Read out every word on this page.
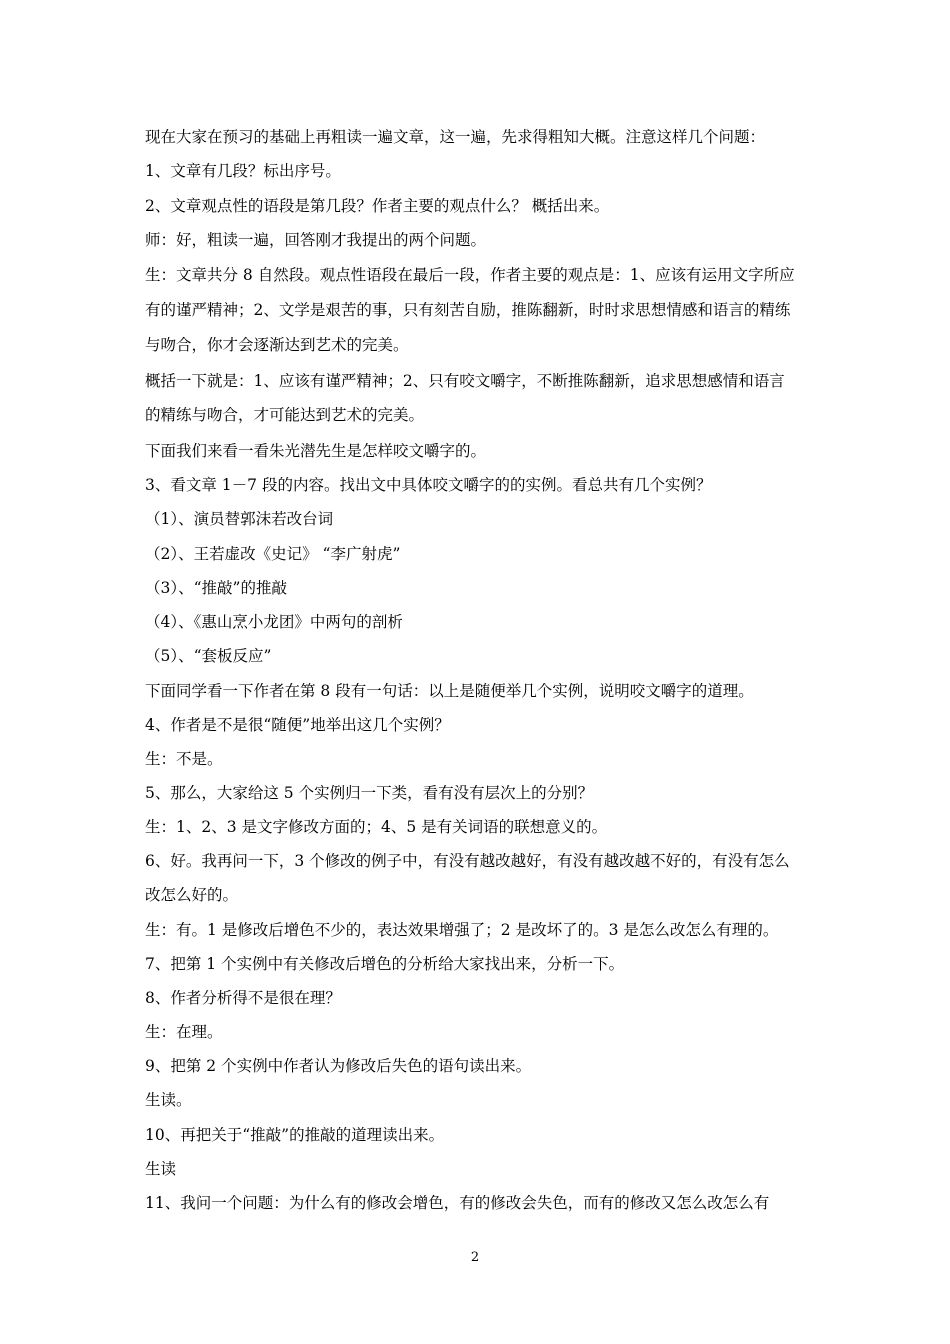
现在大家在预习的基础上再粗读一遍文章，这一遍，先求得粗知大概。注意这样几个问题：
1、文章有几段？标出序号。
2、文章观点性的语段是第几段？作者主要的观点什么？ 概括出来。
师：好，粗读一遍，回答刚才我提出的两个问题。
生：文章共分 8 自然段。观点性语段在最后一段，作者主要的观点是：1、应该有运用文字所应
有的谨严精神；2、文学是艰苦的事，只有刻苦自励，推陈翻新，时时求思想情感和语言的精练
与吻合，你才会逐渐达到艺术的完美。
概括一下就是：1、应该有谨严精神；2、只有咬文嚼字，不断推陈翻新，追求思想感情和语言
的精练与吻合，才可能达到艺术的完美。
下面我们来看一看朱光潜先生是怎样咬文嚼字的。
3、看文章 1－7 段的内容。找出文中具体咬文嚼字的的实例。看总共有几个实例？
（1）、演员替郭沫若改台词
（2）、王若虚改《史记》 “李广射虎”
（3）、“推敲”的推敲
（4）、《惠山烹小龙团》中两句的剖析
（5）、“套板反应”
下面同学看一下作者在第 8 段有一句话：以上是随便举几个实例，说明咬文嚼字的道理。
4、作者是不是很“随便”地举出这几个实例？
生：不是。
5、那么，大家给这 5 个实例归一下类，看有没有层次上的分别？
生：1、2、3 是文字修改方面的；4、5 是有关词语的联想意义的。
6、好。我再问一下，3 个修改的例子中，有没有越改越好，有没有越改越不好的，有没有怎么
改怎么好的。
生：有。1 是修改后增色不少的，表达效果增强了；2 是改坏了的。3 是怎么改怎么有理的。
7、把第 1 个实例中有关修改后增色的分析给大家找出来，分析一下。
8、作者分析得不是很在理？
生：在理。
9、把第 2 个实例中作者认为修改后失色的语句读出来。
生读。
10、再把关于“推敲”的推敲的道理读出来。
生读
11、我问一个问题：为什么有的修改会增色，有的修改会失色，而有的修改又怎么改怎么有
2
